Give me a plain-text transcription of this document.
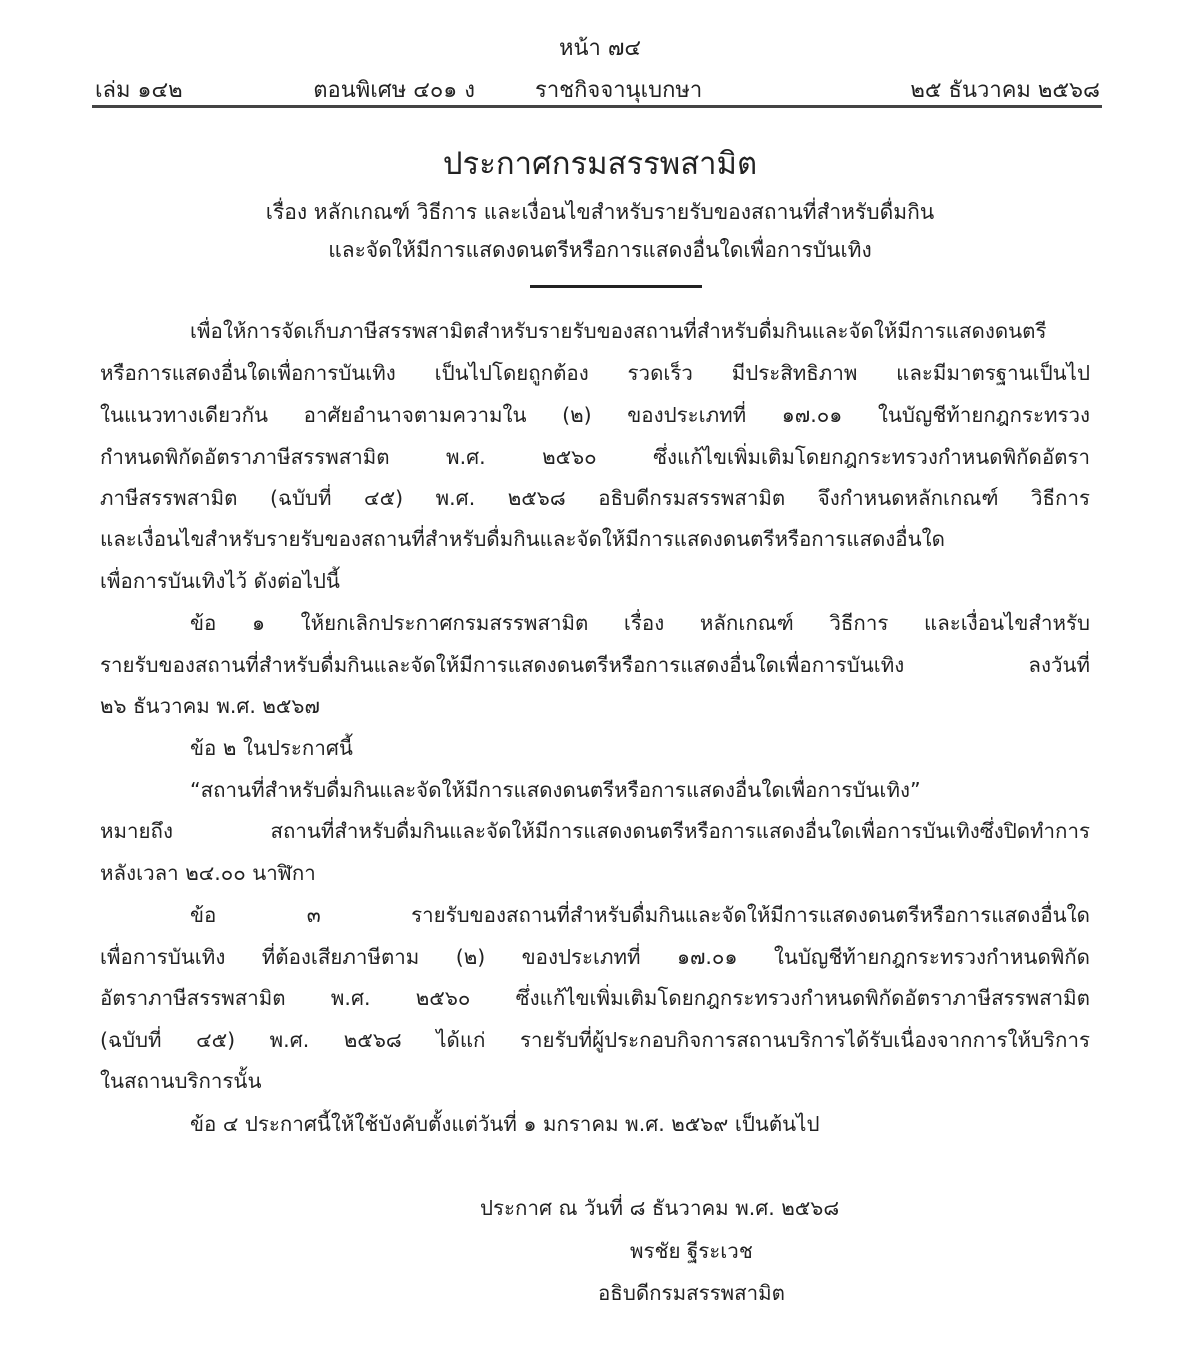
หน้า ๗๔
เล่ม ๑๔๒	ตอนพิเศษ ๔๐๑ ง	ราชกิจจานุเบกษา	๒๕ ธันวาคม ๒๕๖๘
ประกาศกรมสรรพสามิต
เรื่อง หลักเกณฑ์ วิธีการ และเงื่อนไขสำหรับรายรับของสถานที่สำหรับดื่มกิน
และจัดให้มีการแสดงดนตรีหรือการแสดงอื่นใดเพื่อการบันเทิง
เพื่อให้การจัดเก็บภาษีสรรพสามิตสำหรับรายรับของสถานที่สำหรับดื่มกินและจัดให้มีการแสดงดนตรี
หรือการแสดงอื่นใดเพื่อการบันเทิง เป็นไปโดยถูกต้อง รวดเร็ว มีประสิทธิภาพ และมีมาตรฐานเป็นไป
ในแนวทางเดียวกัน อาศัยอำนาจตามความใน (๒) ของประเภทที่ ๑๗.๐๑ ในบัญชีท้ายกฎกระทรวง
กำหนดพิกัดอัตราภาษีสรรพสามิต พ.ศ. ๒๕๖๐ ซึ่งแก้ไขเพิ่มเติมโดยกฎกระทรวงกำหนดพิกัดอัตรา
ภาษีสรรพสามิต (ฉบับที่ ๔๕) พ.ศ. ๒๕๖๘ อธิบดีกรมสรรพสามิต จึงกำหนดหลักเกณฑ์ วิธีการ
และเงื่อนไขสำหรับรายรับของสถานที่สำหรับดื่มกินและจัดให้มีการแสดงดนตรีหรือการแสดงอื่นใด
เพื่อการบันเทิงไว้ ดังต่อไปนี้
ข้อ ๑ ให้ยกเลิกประกาศกรมสรรพสามิต เรื่อง หลักเกณฑ์ วิธีการ และเงื่อนไขสำหรับ
รายรับของสถานที่สำหรับดื่มกินและจัดให้มีการแสดงดนตรีหรือการแสดงอื่นใดเพื่อการบันเทิง ลงวันที่
๒๖ ธันวาคม พ.ศ. ๒๕๖๗
ข้อ ๒ ในประกาศนี้
“สถานที่สำหรับดื่มกินและจัดให้มีการแสดงดนตรีหรือการแสดงอื่นใดเพื่อการบันเทิง”
หมายถึง สถานที่สำหรับดื่มกินและจัดให้มีการแสดงดนตรีหรือการแสดงอื่นใดเพื่อการบันเทิงซึ่งปิดทำการ
หลังเวลา ๒๔.๐๐ นาฬิกา
ข้อ ๓ รายรับของสถานที่สำหรับดื่มกินและจัดให้มีการแสดงดนตรีหรือการแสดงอื่นใด
เพื่อการบันเทิง ที่ต้องเสียภาษีตาม (๒) ของประเภทที่ ๑๗.๐๑ ในบัญชีท้ายกฎกระทรวงกำหนดพิกัด
อัตราภาษีสรรพสามิต พ.ศ. ๒๕๖๐ ซึ่งแก้ไขเพิ่มเติมโดยกฎกระทรวงกำหนดพิกัดอัตราภาษีสรรพสามิต
(ฉบับที่ ๔๕) พ.ศ. ๒๕๖๘ ได้แก่ รายรับที่ผู้ประกอบกิจการสถานบริการได้รับเนื่องจากการให้บริการ
ในสถานบริการนั้น
ข้อ ๔ ประกาศนี้ให้ใช้บังคับตั้งแต่วันที่ ๑ มกราคม พ.ศ. ๒๕๖๙ เป็นต้นไป
ประกาศ ณ วันที่ ๘ ธันวาคม พ.ศ. ๒๕๖๘
พรชัย ฐีระเวช
อธิบดีกรมสรรพสามิต
